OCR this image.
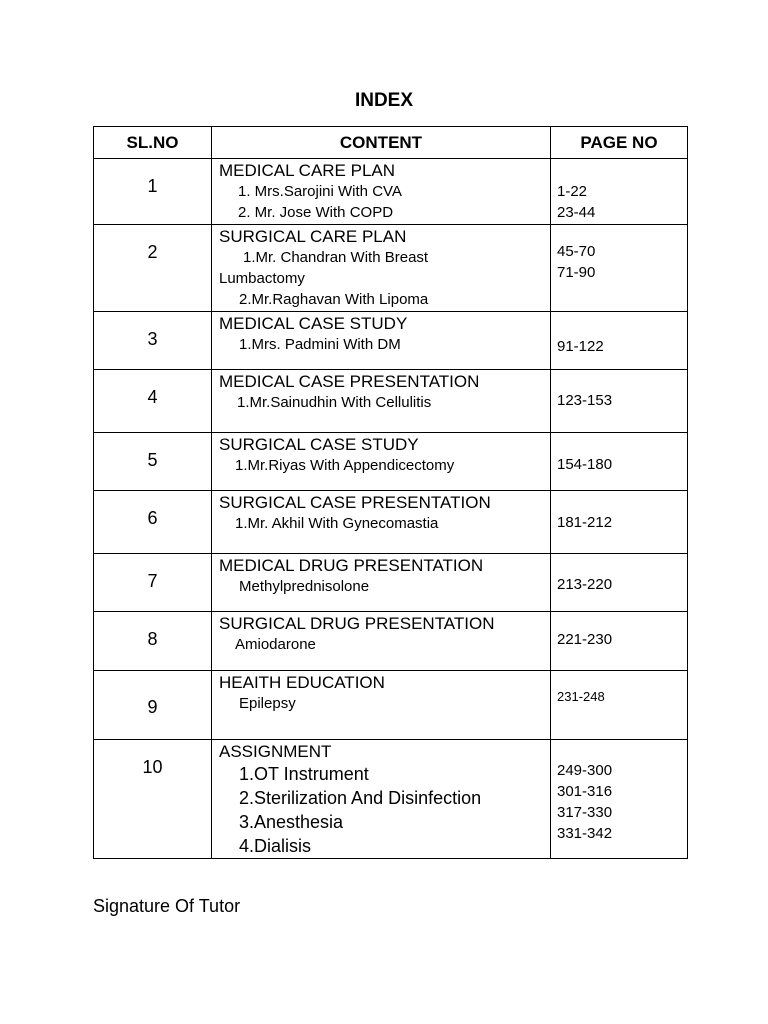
INDEX
SL.NO	CONTENT	PAGE NO

1	MEDICAL CARE PLAN
1. Mrs.Sarojini With CVA
2. Mr. Jose With COPD	1-22
23-44

2	SURGICAL CARE PLAN
1.Mr. Chandran With Breast Lumbactomy
2.Mr.Raghavan With Lipoma	45-70
71-90

3	MEDICAL CASE STUDY
1.Mrs. Padmini With DM	91-122

4	MEDICAL CASE PRESENTATION
1.Mr.Sainudhin With Cellulitis	123-153

5	SURGICAL CASE STUDY
1.Mr.Riyas With Appendicectomy	154-180

6	SURGICAL CASE PRESENTATION
1.Mr. Akhil With Gynecomastia	181-212

7	MEDICAL DRUG PRESENTATION
Methylprednisolone	213-220

8	SURGICAL DRUG PRESENTATION
Amiodarone	221-230

9	HEAITH EDUCATION
Epilepsy	231-248

10	ASSIGNMENT
1.OT Instrument
2.Sterilization And Disinfection
3.Anesthesia
4.Dialisis	249-300
301-316
317-330
331-342
Signature Of Tutor
